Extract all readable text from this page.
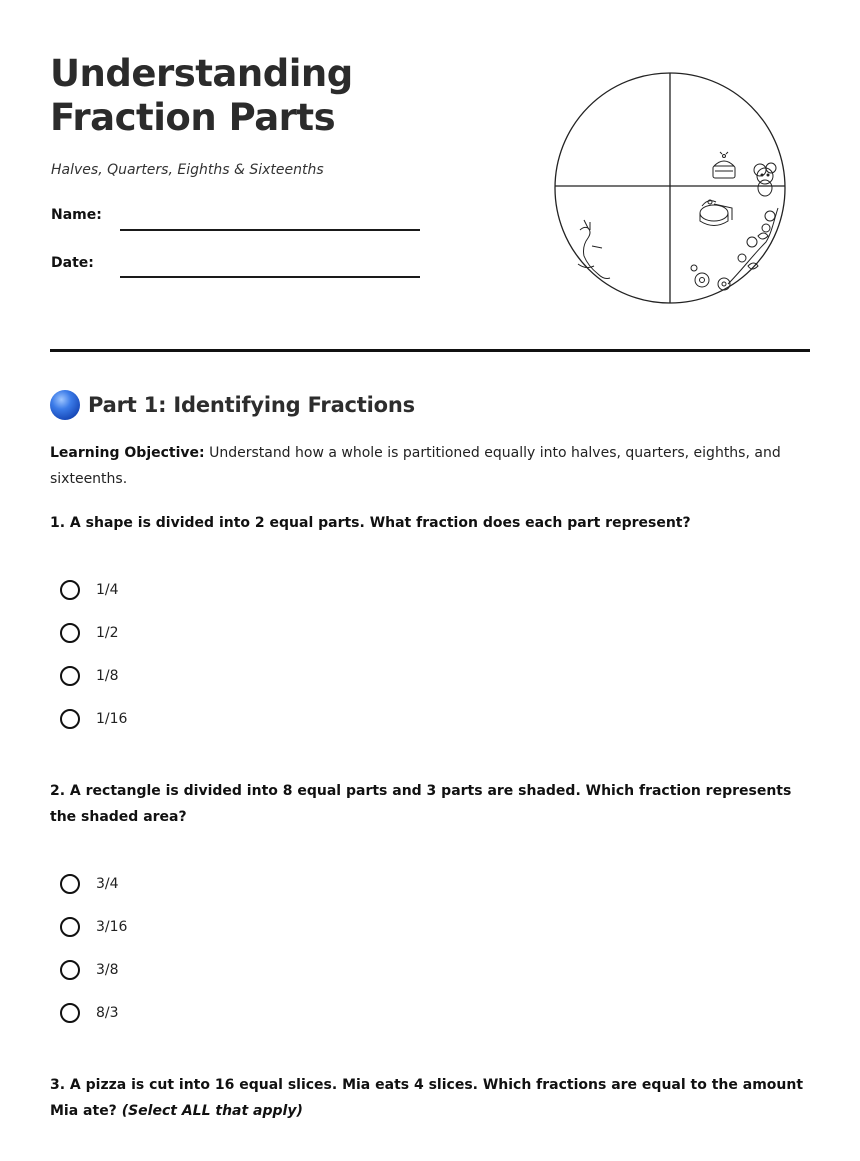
Understanding Fraction Parts

Halves, Quarters, Eighths & Sixteenths

Name:
Date:
Part 1: Identifying Fractions

Learning Objective: Understand how a whole is partitioned equally into halves, quarters, eighths, and sixteenths.

1. A shape is divided into 2 equal parts. What fraction does each part represent?

1/4
1/2
1/8
1/16

2. A rectangle is divided into 8 equal parts and 3 parts are shaded. Which fraction represents the shaded area?

3/4
3/16
3/8
8/3

3. A pizza is cut into 16 equal slices. Mia eats 4 slices. Which fractions are equal to the amount Mia ate? (Select ALL that apply)
